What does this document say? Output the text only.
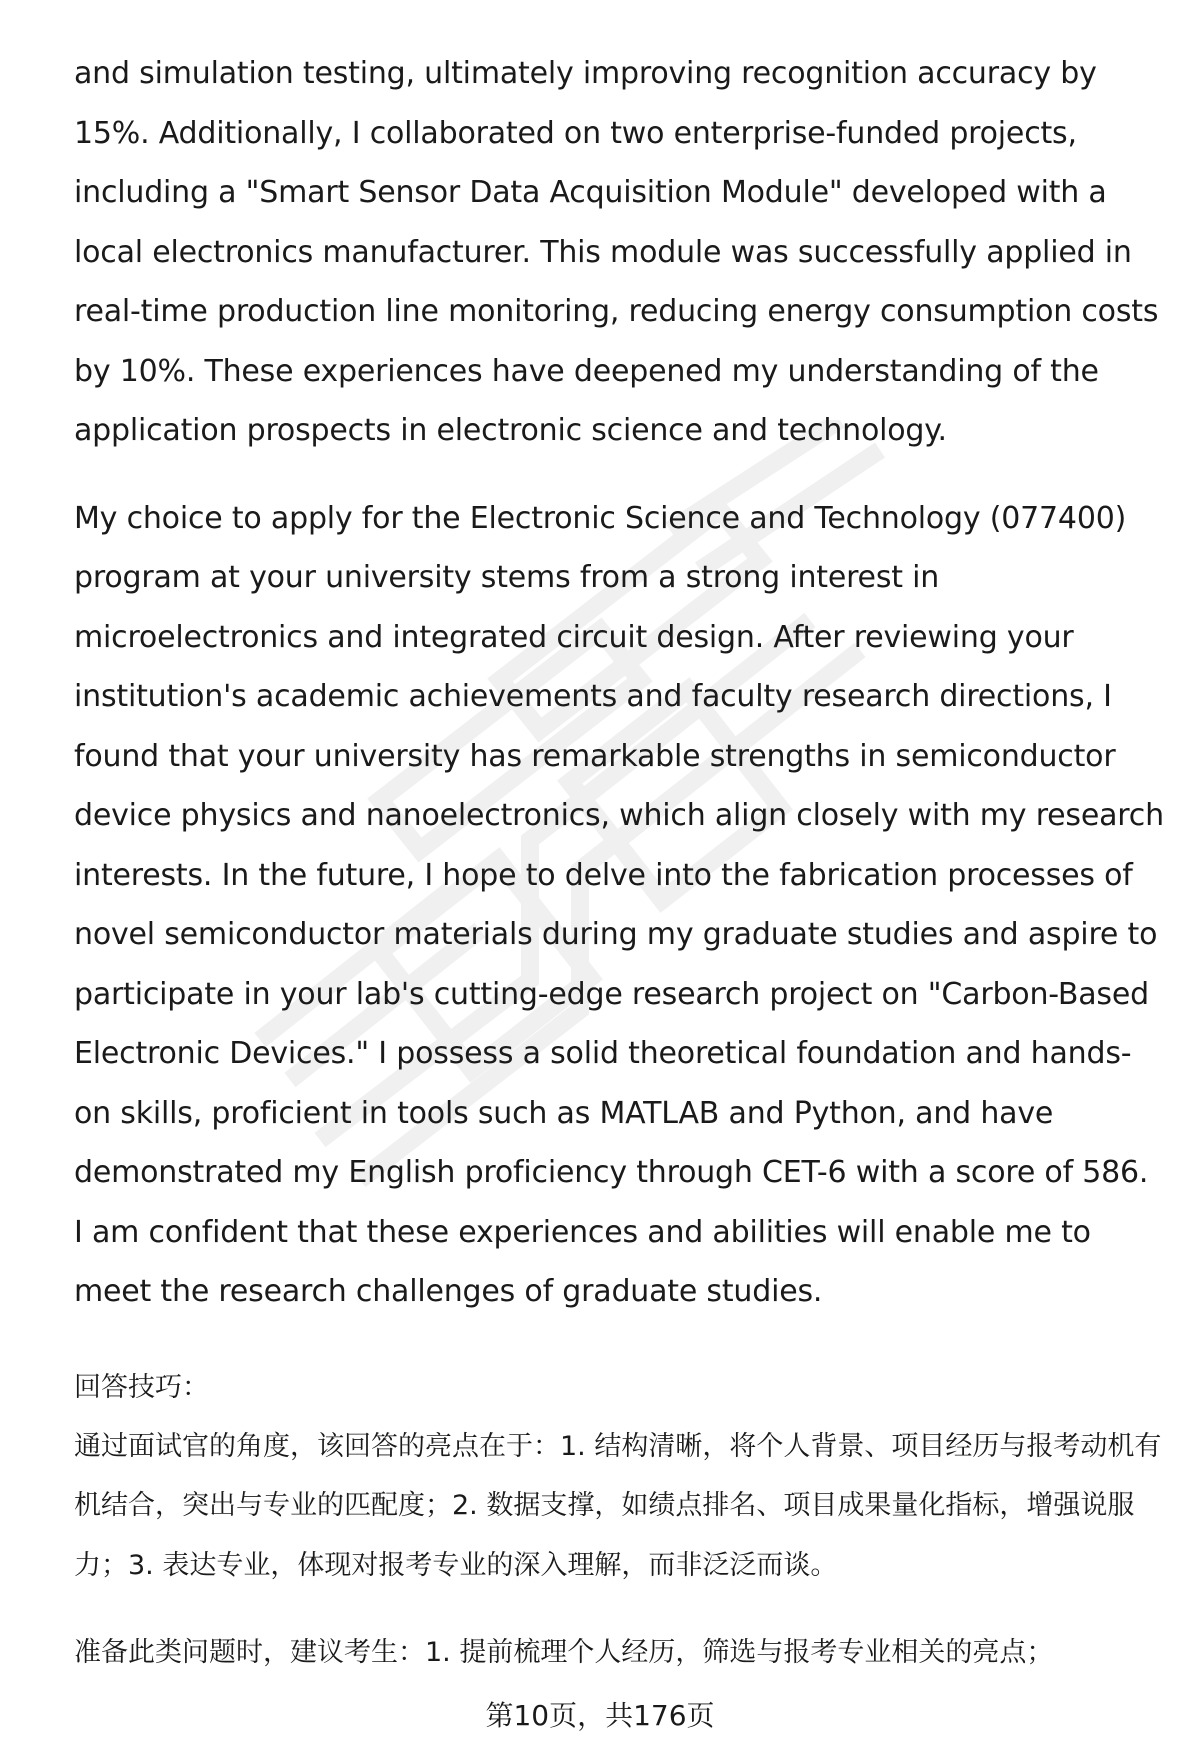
and simulation testing, ultimately improving recognition accuracy by 15%. Additionally, I collaborated on two enterprise-funded projects, including a "Smart Sensor Data Acquisition Module" developed with a local electronics manufacturer. This module was successfully applied in real-time production line monitoring, reducing energy consumption costs by 10%. These experiences have deepened my understanding of the application prospects in electronic science and technology.

My choice to apply for the Electronic Science and Technology (077400) program at your university stems from a strong interest in microelectronics and integrated circuit design. After reviewing your institution's academic achievements and faculty research directions, I found that your university has remarkable strengths in semiconductor device physics and nanoelectronics, which align closely with my research interests. In the future, I hope to delve into the fabrication processes of novel semiconductor materials during my graduate studies and aspire to participate in your lab's cutting-edge research project on "Carbon-Based Electronic Devices." I possess a solid theoretical foundation and hands-on skills, proficient in tools such as MATLAB and Python, and have demonstrated my English proficiency through CET-6 with a score of 586. I am confident that these experiences and abilities will enable me to meet the research challenges of graduate studies.

回答技巧：

通过面试官的角度，该回答的亮点在于：1. 结构清晰，将个人背景、项目经历与报考动机有机结合，突出与专业的匹配度；2. 数据支撑，如绩点排名、项目成果量化指标，增强说服力；3. 表达专业，体现对报考专业的深入理解，而非泛泛而谈。

准备此类问题时，建议考生：1. 提前梳理个人经历，筛选与报考专业相关的亮点；

第10页，共176页
